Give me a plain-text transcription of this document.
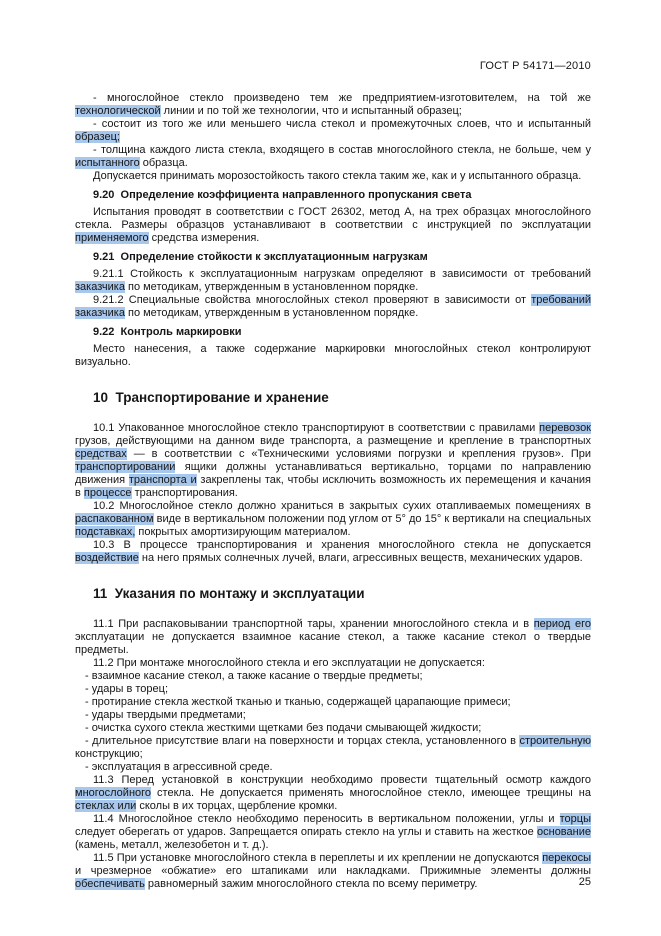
ГОСТ Р 54171—2010
- многослойное стекло произведено тем же предприятием-изготовителем, на той же технологической линии и по той же технологии, что и испытанный образец;
- состоит из того же или меньшего числа стекол и промежуточных слоев, что и испытанный образец;
- толщина каждого листа стекла, входящего в состав многослойного стекла, не больше, чем у испытанного образца.
Допускается принимать морозостойкость такого стекла таким же, как и у испытанного образца.
9.20  Определение коэффициента направленного пропускания света
Испытания проводят в соответствии с ГОСТ 26302, метод А, на трех образцах многослойного стекла. Размеры образцов устанавливают в соответствии с инструкцией по эксплуатации применяемого средства измерения.
9.21  Определение стойкости к эксплуатационным нагрузкам
9.21.1 Стойкость к эксплуатационным нагрузкам определяют в зависимости от требований заказчика по методикам, утвержденным в установленном порядке.
9.21.2 Специальные свойства многослойных стекол проверяют в зависимости от требований заказчика по методикам, утвержденным в установленном порядке.
9.22  Контроль маркировки
Место нанесения, а также содержание маркировки многослойных стекол контролируют визуально.
10  Транспортирование и хранение
10.1 Упакованное многослойное стекло транспортируют в соответствии с правилами перевозок грузов, действующими на данном виде транспорта, а размещение и крепление в транспортных средствах — в соответствии с «Техническими условиями погрузки и крепления грузов». При транспортировании ящики должны устанавливаться вертикально, торцами по направлению движения транспорта и закреплены так, чтобы исключить возможность их перемещения и качания в процессе транспортирования.
10.2 Многослойное стекло должно храниться в закрытых сухих отапливаемых помещениях в распакованном виде в вертикальном положении под углом от 5° до 15° к вертикали на специальных подставках, покрытых амортизирующим материалом.
10.3 В процессе транспортирования и хранения многослойного стекла не допускается воздействие на него прямых солнечных лучей, влаги, агрессивных веществ, механических ударов.
11  Указания по монтажу и эксплуатации
11.1 При распаковывании транспортной тары, хранении многослойного стекла и в период его эксплуатации не допускается взаимное касание стекол, а также касание стекол о твердые предметы.
11.2 При монтаже многослойного стекла и его эксплуатации не допускается:
- взаимное касание стекол, а также касание о твердые предметы;
- удары в торец;
- протирание стекла жесткой тканью и тканью, содержащей царапающие примеси;
- удары твердыми предметами;
- очистка сухого стекла жесткими щетками без подачи смывающей жидкости;
- длительное присутствие влаги на поверхности и торцах стекла, установленного в строительную конструкцию;
- эксплуатация в агрессивной среде.
11.3 Перед установкой в конструкции необходимо провести тщательный осмотр каждого многослойного стекла. Не допускается применять многослойное стекло, имеющее трещины на стеклах или сколы в их торцах, щербление кромки.
11.4 Многослойное стекло необходимо переносить в вертикальном положении, углы и торцы следует оберегать от ударов. Запрещается опирать стекло на углы и ставить на жесткое основание (камень, металл, железобетон и т. д.).
11.5 При установке многослойного стекла в переплеты и их креплении не допускаются перекосы и чрезмерное «обжатие» его штапиками или накладками. Прижимные элементы должны обеспечивать равномерный зажим многослойного стекла по всему периметру.	25
